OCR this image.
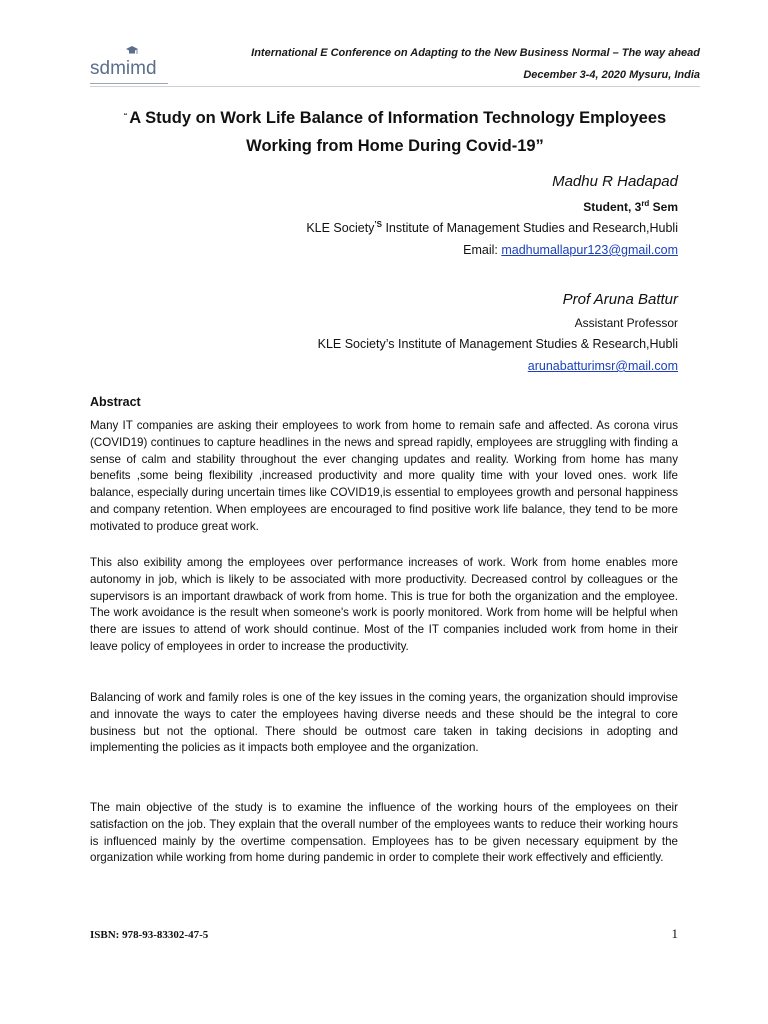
sdmimd
International E Conference on Adapting to the New Business Normal – The way ahead
December 3-4, 2020 Mysuru, India
“ A Study on Work Life Balance of Information Technology Employees
Working from Home During Covid-19”
Madhu R Hadapad
Student, 3rd Sem
KLE Society$^{’S}$ Institute of Management Studies and Research,Hubli
Email: madhumallapur123@gmail.com
Prof Aruna Battur
Assistant Professor
KLE Society’s Institute of Management Studies & Research,Hubli
arunabatturimsr@mail.com
Abstract
Many IT companies are asking their employees to work from home to remain safe and affected. As corona virus (COVID19) continues to capture headlines in the news and spread rapidly, employees are struggling with finding a sense of calm and stability throughout the ever changing updates and reality. Working from home has many benefits ,some being flexibility ,increased productivity and more quality time with your loved ones. work life balance, especially during uncertain times like COVID19,is essential to employees growth and personal happiness and company retention. When employees are encouraged to find positive work life balance, they tend to be more motivated to produce great work.
This also exibility among the employees over performance increases of work. Work from home enables more autonomy in job, which is likely to be associated with more productivity. Decreased control by colleagues or the supervisors is an important drawback of work from home. This is true for both the organization and the employee. The work avoidance is the result when someone's work is poorly monitored. Work from home will be helpful when there are issues to attend of work should continue. Most of the IT companies included work from home in their leave policy of employees in order to increase the productivity.
Balancing of work and family roles is one of the key issues in the coming years, the organization should improvise and innovate the ways to cater the employees having diverse needs and these should be the integral to core business but not the optional. There should be outmost care taken in taking decisions in adopting and implementing the policies as it impacts both employee and the organization.
The main objective of the study is to examine the influence of the working hours of the employees on their satisfaction on the job. They explain that the overall number of the employees wants to reduce their working hours is influenced mainly by the overtime compensation. Employees has to be given necessary equipment by the organization while working from home during pandemic in order to complete their work effectively and efficiently.
ISBN: 978-93-83302-47-5	1
